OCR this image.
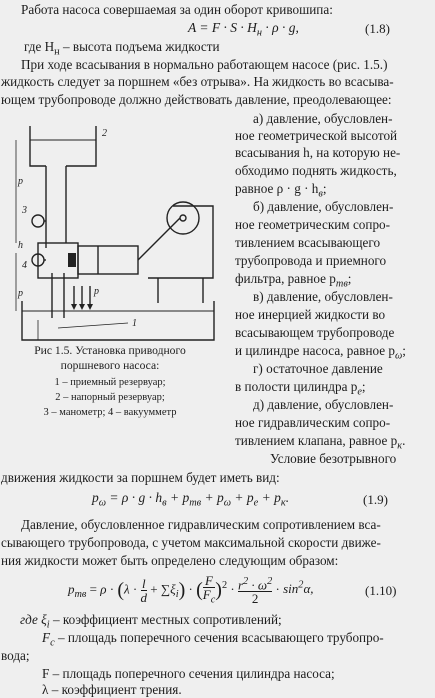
Работа насоса совершаемая за один оборот кривошипа:
$A = F \cdot S \cdot H_н \cdot \rho \cdot g$,	(1.8)
где $H_н$ – высота подъема жидкости
При ходе всасывания в нормально работающем насосе (рис. 1.5.)
жидкость следует за поршнем «без отрыва». На жидкость во всасыва-
ющем трубопроводе должно действовать давление, преодолевающее:
а) давление, обусловлен-
ное геометрической высотой
всасывания h, на которую не-
обходимо поднять жидкость,
равное $\rho \cdot g \cdot h_в$;
б) давление, обусловлен-
ное геометрическим сопро-
тивлением всасывающего
трубопровода и приемного
фильтра, равное $p_{тв}$;
в) давление, обусловлен-
ное инерцией жидкости во
всасывающем трубопроводе
и цилиндре насоса, равное $p_\omega$;
г) остаточное давление
в полости цилиндра $p_е$;
д) давление, обусловлен-
ное гидравлическим сопро-
тивлением клапана, равное $p_к$.
Условие безотрывного
2
3
4
1
p
h
p	p
Рис 1.5. Установка приводного
поршневого насоса:
1 – приемный резервуар;
2 – напорный резервуар;
3 – манометр; 4 – вакуумметр
движения жидкости за поршнем будет иметь вид:
$p_\omega = \rho \cdot g \cdot h_в + p_{тв} + p_\omega + p_е + p_к$.	(1.9)
Давление, обусловленное гидравлическим сопротивлением вса-
сывающего трубопровода, с учетом максимальной скорости движе-
ния жидкости может быть определено следующим образом:
$p_{тв} = \rho \cdot (\lambda \cdot \frac{l}{d} + \sum\xi_i)$ · ( $\frac{F}{F_с} )^2 \cdot \frac{r^2 \cdot \omega^2}{2} \cdot \sin^2\alpha$,	(1.10)
где $\xi_i$ – коэффициент местных сопротивлений;
$F_с$ – площадь поперечного сечения всасывающего трубопро-
вода;
F – площадь поперечного сечения цилиндра насоса;
λ – коэффициент трения.
